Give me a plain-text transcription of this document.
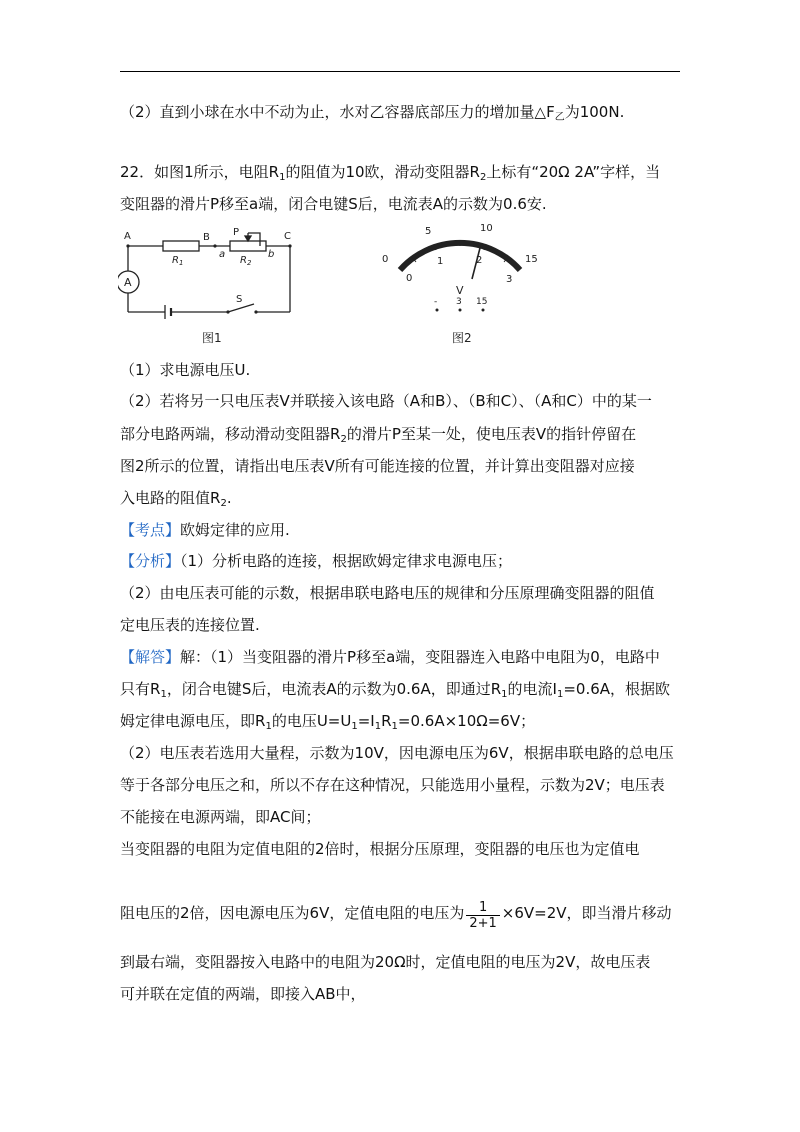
（2）直到小球在水中不动为止，水对乙容器底部压力的增加量$\triangle F_乙$为100N.
22．如图1所示，电阻$R_1$的阻值为10欧，滑动变阻器$R_2$上标有“20Ω 2A”字样，当
变阻器的滑片P移至a端，闭合电键S后，电流表A的示数为0.6安.
A	B P	C
a	b
$R_1$	$R_2$
A
S
图1
0
5	10
15
0
1	2
3
V
- 3 15
图2
（1）求电源电压U.
（2）若将另一只电压表V并联接入该电路（A和B）、（B和C）、（A和C）中的某一
部分电路两端，移动滑动变阻器$R_2$的滑片P至某一处，使电压表V的指针停留在
图2所示的位置，请指出电压表V所有可能连接的位置，并计算出变阻器对应接
入电路的阻值$R_2$.
【考点】欧姆定律的应用.
【分析】（1）分析电路的连接，根据欧姆定律求电源电压；
（2）由电压表可能的示数，根据串联电路电压的规律和分压原理确变阻器的阻值
定电压表的连接位置.
【解答】解：（1）当变阻器的滑片P移至a端，变阻器连入电路中电阻为0，电路中
只有$R_1$，闭合电键S后，电流表A的示数为0.6A，即通过$R_1$的电流$I_1=0.6A$，根据欧
姆定律电源电压，即$R_1$的电压$U=U_1=I_1R_1=0.6A\times 10\Omega=6V$；
（2）电压表若选用大量程，示数为10V，因电源电压为6V，根据串联电路的总电压
等于各部分电压之和，所以不存在这种情况，只能选用小量程，示数为2V；电压表
不能接在电源两端，即AC间；
当变阻器的电阻为定值电阻的2倍时，根据分压原理，变阻器的电压也为定值电
阻电压的2倍，因电源电压为6V，定值电阻的电压为 $\frac{1}{2+1} \times 6V=2V$，即当滑片移动
到最右端，变阻器按入电路中的电阻为20Ω时，定值电阻的电压为2V，故电压表
可并联在定值的两端，即接入AB中，
